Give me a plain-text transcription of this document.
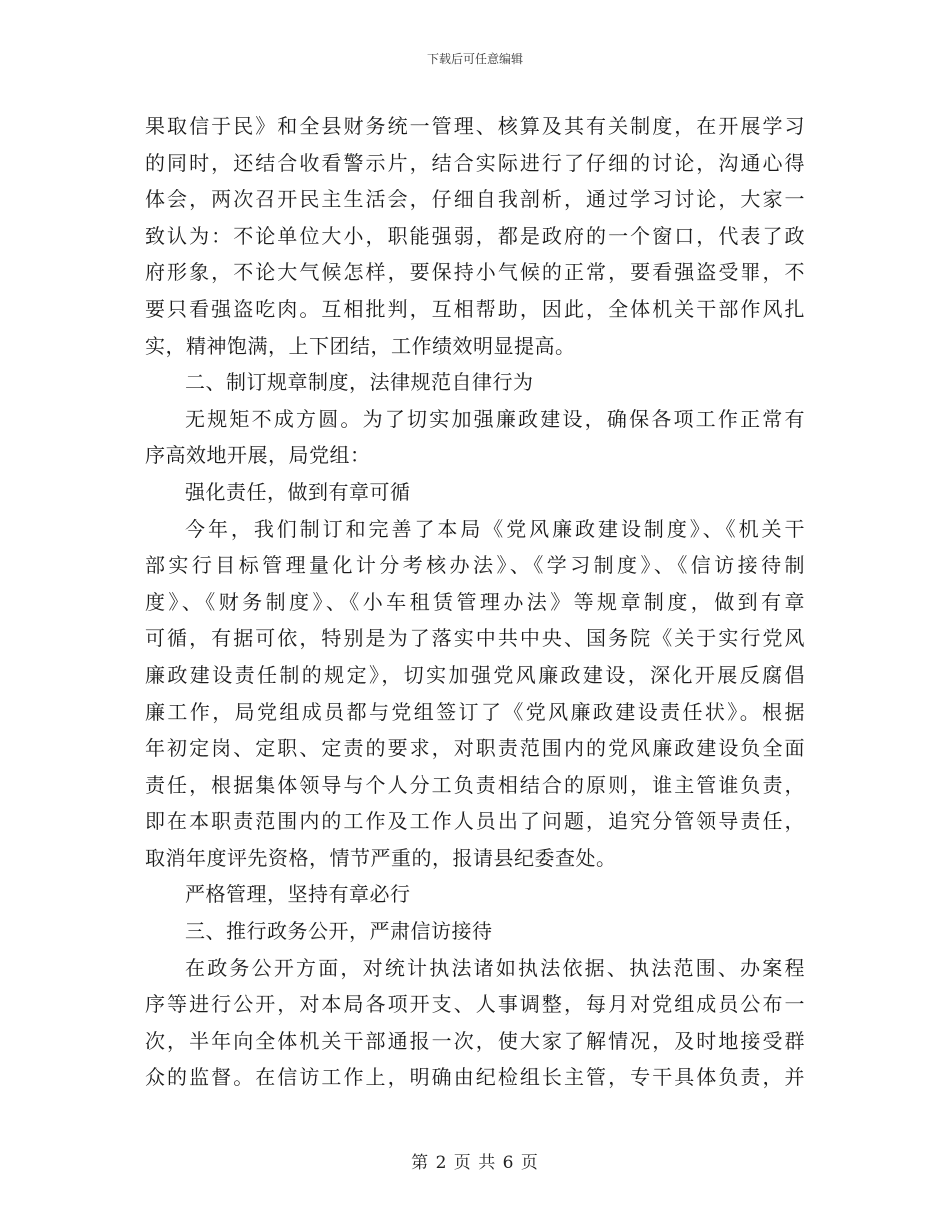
下载后可任意编辑
果取信于民》和全县财务统一管理、核算及其有关制度，在开展学习
的同时，还结合收看警示片，结合实际进行了仔细的讨论，沟通心得
体会，两次召开民主生活会，仔细自我剖析，通过学习讨论，大家一
致认为：不论单位大小，职能强弱，都是政府的一个窗口，代表了政
府形象，不论大气候怎样，要保持小气候的正常，要看强盗受罪，不
要只看强盗吃肉。互相批判，互相帮助，因此，全体机关干部作风扎
实，精神饱满，上下团结，工作绩效明显提高。
二、制订规章制度，法律规范自律行为
无规矩不成方圆。为了切实加强廉政建设，确保各项工作正常有
序高效地开展，局党组：
强化责任，做到有章可循
今年，我们制订和完善了本局《党风廉政建设制度》、《机关干
部实行目标管理量化计分考核办法》、《学习制度》、《信访接待制
度》、《财务制度》、《小车租赁管理办法》等规章制度，做到有章
可循，有据可依，特别是为了落实中共中央、国务院《关于实行党风
廉政建设责任制的规定》，切实加强党风廉政建设，深化开展反腐倡
廉工作，局党组成员都与党组签订了《党风廉政建设责任状》。根据
年初定岗、定职、定责的要求，对职责范围内的党风廉政建设负全面
责任，根据集体领导与个人分工负责相结合的原则，谁主管谁负责，
即在本职责范围内的工作及工作人员出了问题，追究分管领导责任，
取消年度评先资格，情节严重的，报请县纪委查处。
严格管理，坚持有章必行
三、推行政务公开，严肃信访接待
在政务公开方面，对统计执法诸如执法依据、执法范围、办案程
序等进行公开，对本局各项开支、人事调整，每月对党组成员公布一
次，半年向全体机关干部通报一次，使大家了解情况，及时地接受群
众的监督。在信访工作上，明确由纪检组长主管，专干具体负责，并
第 2 页 共 6 页
